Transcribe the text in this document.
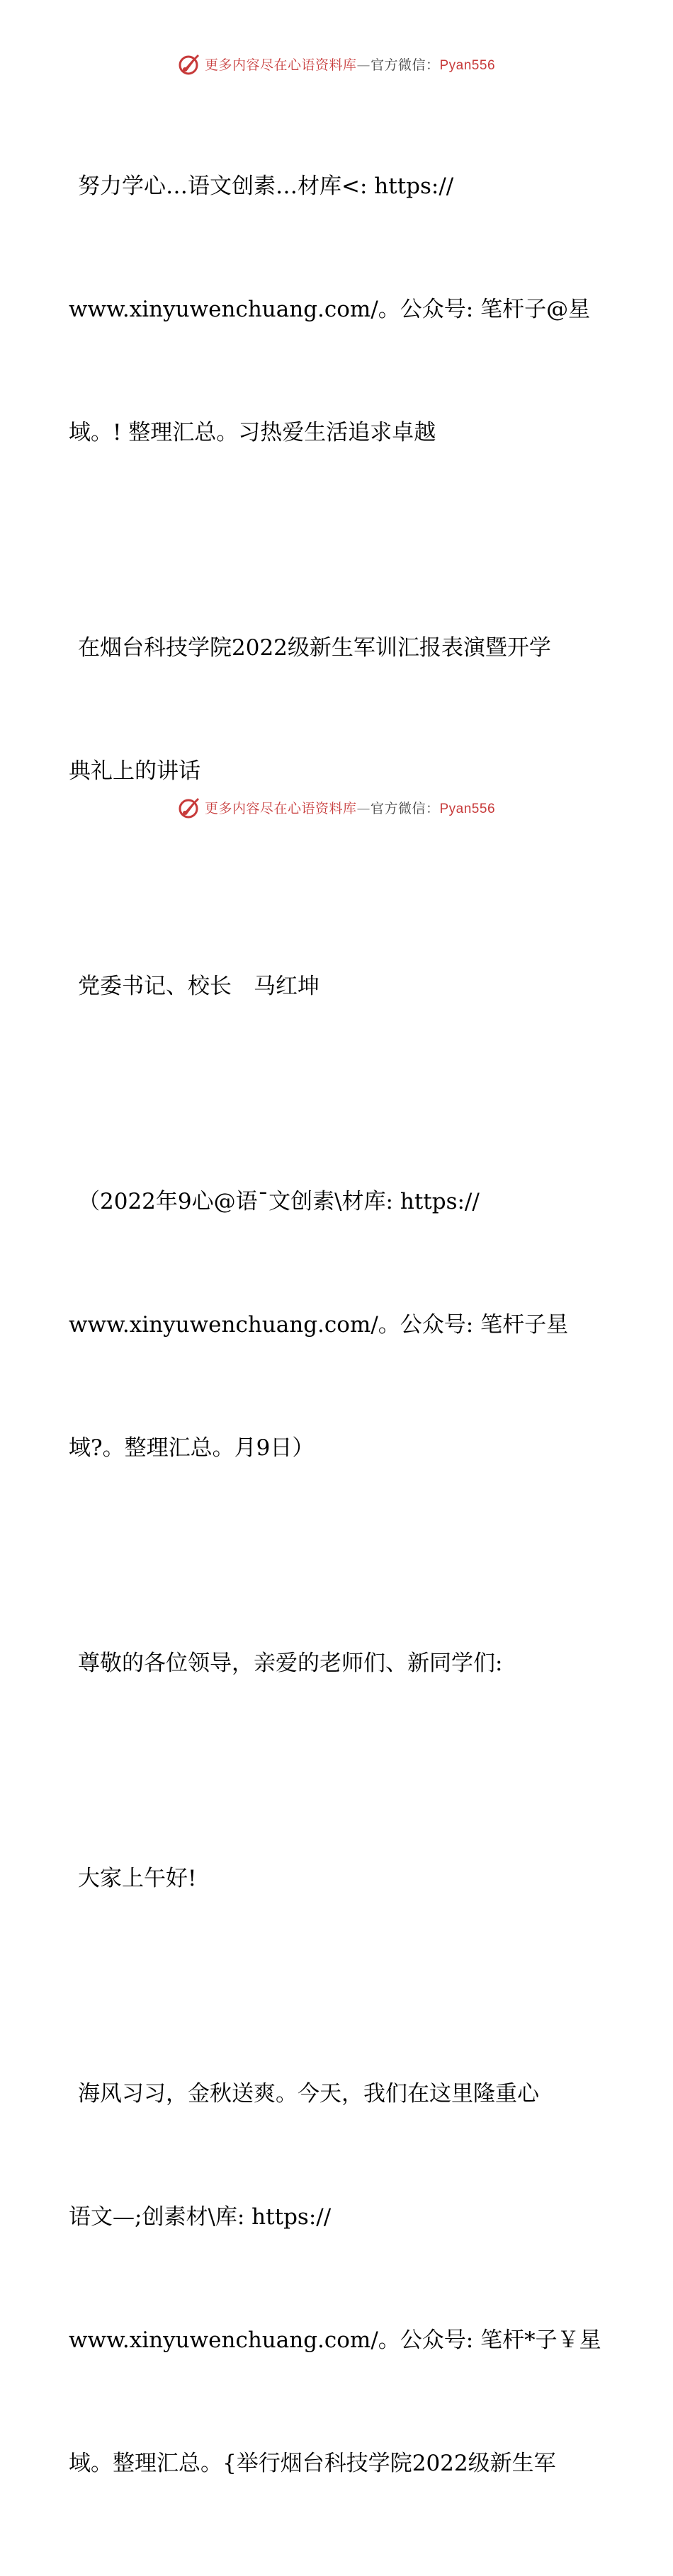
更多内容尽在心语资料库—官方微信：Pyan556

努力学心…语文创素…材库<: https://

www.xinyuwenchuang.com/。公众号: 笔杆子@星

域。! 整理汇总。习热爱生活追求卓越

在烟台科技学院2022级新生军训汇报表演暨开学

典礼上的讲话

党委书记、校长　马红坤

（2022年9心@语¯文创素\材库: https://

www.xinyuwenchuang.com/。公众号: 笔杆子星

域?。整理汇总。月9日）

尊敬的各位领导，亲爱的老师们、新同学们:

大家上午好!

海风习习，金秋送爽。今天，我们在这里隆重心

语文—;创素材\库: https://

www.xinyuwenchuang.com/。公众号: 笔杆*子￥星

域。整理汇总。{举行烟台科技学院2022级新生军

更多内容尽在心语资料库—官方微信：Pyan556
